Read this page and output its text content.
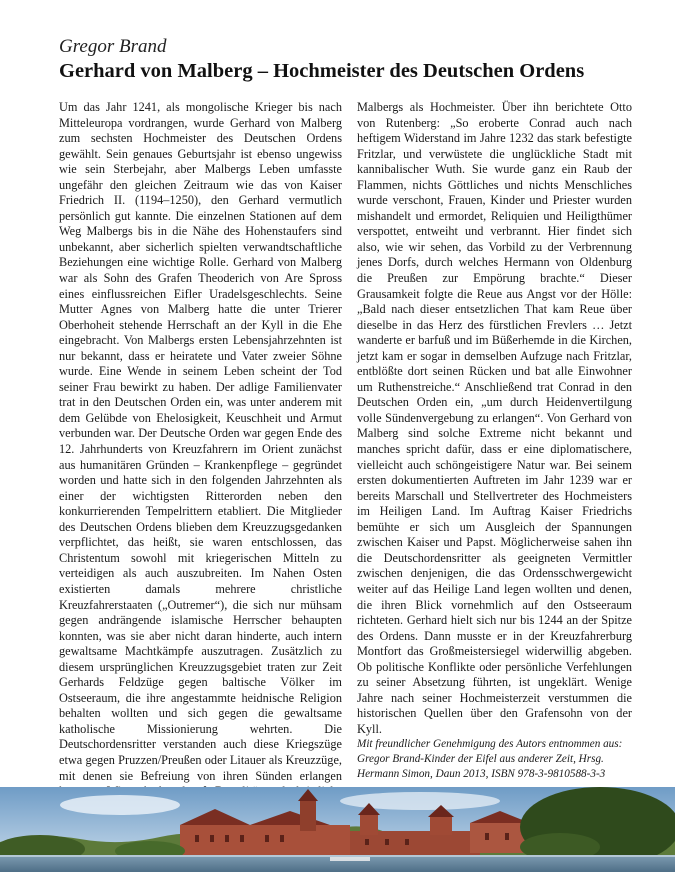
Gregor Brand
Gerhard von Malberg – Hochmeister des Deutschen Ordens

Um das Jahr 1241, als mongolische Krieger bis nach Mitteleuropa vordrangen, wurde Gerhard von Malberg zum sechsten Hochmeister des Deutschen Ordens gewählt. Sein genaues Geburtsjahr ist ebenso ungewiss wie sein Sterbejahr, aber Malbergs Leben umfasste ungefähr den gleichen Zeitraum wie das von Kaiser Friedrich II. (1194–1250), den Gerhard vermutlich persönlich gut kannte. Die einzelnen Stationen auf dem Weg Malbergs bis in die Nähe des Hohenstaufers sind unbekannt, aber sicherlich spielten verwandtschaftliche Beziehungen eine wichtige Rolle. Gerhard von Malberg war als Sohn des Grafen Theoderich von Are Spross eines einflussreichen Eifler Uradelsgeschlechts. Seine Mutter Agnes von Malberg hatte die unter Trierer Oberhoheit stehende Herrschaft an der Kyll in die Ehe eingebracht. Von Malbergs ersten Lebensjahrzehnten ist nur bekannt, dass er heiratete und Vater zweier Söhne wurde. Eine Wende in seinem Leben scheint der Tod seiner Frau bewirkt zu haben. Der adlige Familienvater trat in den Deutschen Orden ein, was unter anderem mit dem Gelübde von Ehelosigkeit, Keuschheit und Armut verbunden war. Der Deutsche Orden war gegen Ende des 12. Jahrhunderts von Kreuzfahrern im Orient zunächst aus humanitären Gründen – Krankenpflege – gegründet worden und hatte sich in den folgenden Jahrzehnten als einer der wichtigsten Ritterorden neben den konkurrierenden Tempelrittern etabliert. Die Mitglieder des Deutschen Ordens blieben dem Kreuzzugsgedanken verpflichtet, das heißt, sie waren entschlossen, das Christentum sowohl mit kriegerischen Mitteln zu verteidigen als auch auszubreiten. Im Nahen Osten existierten damals mehrere christliche Kreuzfahrerstaaten („Outremer“), die sich nur mühsam gegen andrängende islamische Herrscher behaupten konnten, was sie aber nicht daran hinderte, auch intern gewaltsame Machtkämpfe auszutragen. Zusätzlich zu diesem ursprünglichen Kreuzzugsgebiet traten zur Zeit Gerhards Feldzüge gegen baltische Völker im Ostseeraum, die ihre angestammte heidnische Religion behalten wollten und sich gegen die gewaltsame katholische Missionierung wehrten. Die Deutschordensritter verstanden auch diese Kriegszüge etwa gegen Pruzzen/Preußen oder Litauer als Kreuzzüge, mit denen sie Befreiung von ihren Sünden erlangen

Malbergs als Hochmeister. Über ihn berichtete Otto von Rutenberg: „So eroberte Conrad auch nach heftigem Widerstand im Jahre 1232 das stark befestigte Fritzlar, und verwüstete die unglückliche Stadt mit kannibalischer Wuth. Sie wurde ganz ein Raub der Flammen, nichts Göttliches und nichts Menschliches wurde verschont, Frauen, Kinder und Priester wurden mishandelt und ermordet, Reliquien und Heiligthümer verspottet, entweiht und verbrannt. Hier findet sich also, wie wir sehen, das Vorbild zu der Verbrennung jenes Dorfs, durch welches Hermann von Oldenburg die Preußen zur Empörung brachte.“ Dieser Grausamkeit folgte die Reue aus Angst vor der Hölle: „Bald nach dieser entsetzlichen That kam Reue über dieselbe in das Herz des fürstlichen Frevlers … Jetzt wanderte er barfuß und im Büßerhemde in die Kirchen, jetzt kam er sogar in demselben Aufzuge nach Fritzlar, entblößte dort seinen Rücken und bat alle Einwohner um Ruthenstreiche.“ Anschließend trat Conrad in den Deutschen Orden ein, „um durch Heidenvertilgung volle Sündenvergebung zu erlangen“. Von Gerhard von Malberg sind solche Extreme nicht bekannt und manches spricht dafür, dass er eine diplomatischere, vielleicht auch schöngeistigere Natur war. Bei seinem ersten dokumentierten Auftreten im Jahr 1239 war er bereits Marschall und Stellvertreter des Hochmeisters im Heiligen Land. Im Auftrag Kaiser Friedrichs bemühte er sich um Ausgleich der Spannungen zwischen Kaiser und Papst. Möglicherweise sahen ihn die Deutschordensritter als geeigneten Vermittler zwischen denjenigen, die das Ordensschwergewicht weiter auf das Heilige Land legen wollten und denen, die ihren Blick vornehmlich auf den Ostseeraum richteten. Gerhard hielt sich nur bis 1244 an der Spitze des Ordens. Dann musste er in der Kreuzfahrerburg Montfort das Großmeistersiegel widerwillig abgeben. Ob politische Konflikte oder persönliche Verfehlungen zu seiner Absetzung führten, ist ungeklärt. Wenige Jahre nach seiner Hochmeisterzeit verstummen die historischen Quellen über den Grafensohn von der Kyll.

Mit freundlicher Genehmigung des Autors entnommen aus: Gregor Brand-Kinder der Eifel aus anderer Zeit, Hrsg. Hermann Simon, Daun 2013, ISBN 978-3-9810588-3-3
